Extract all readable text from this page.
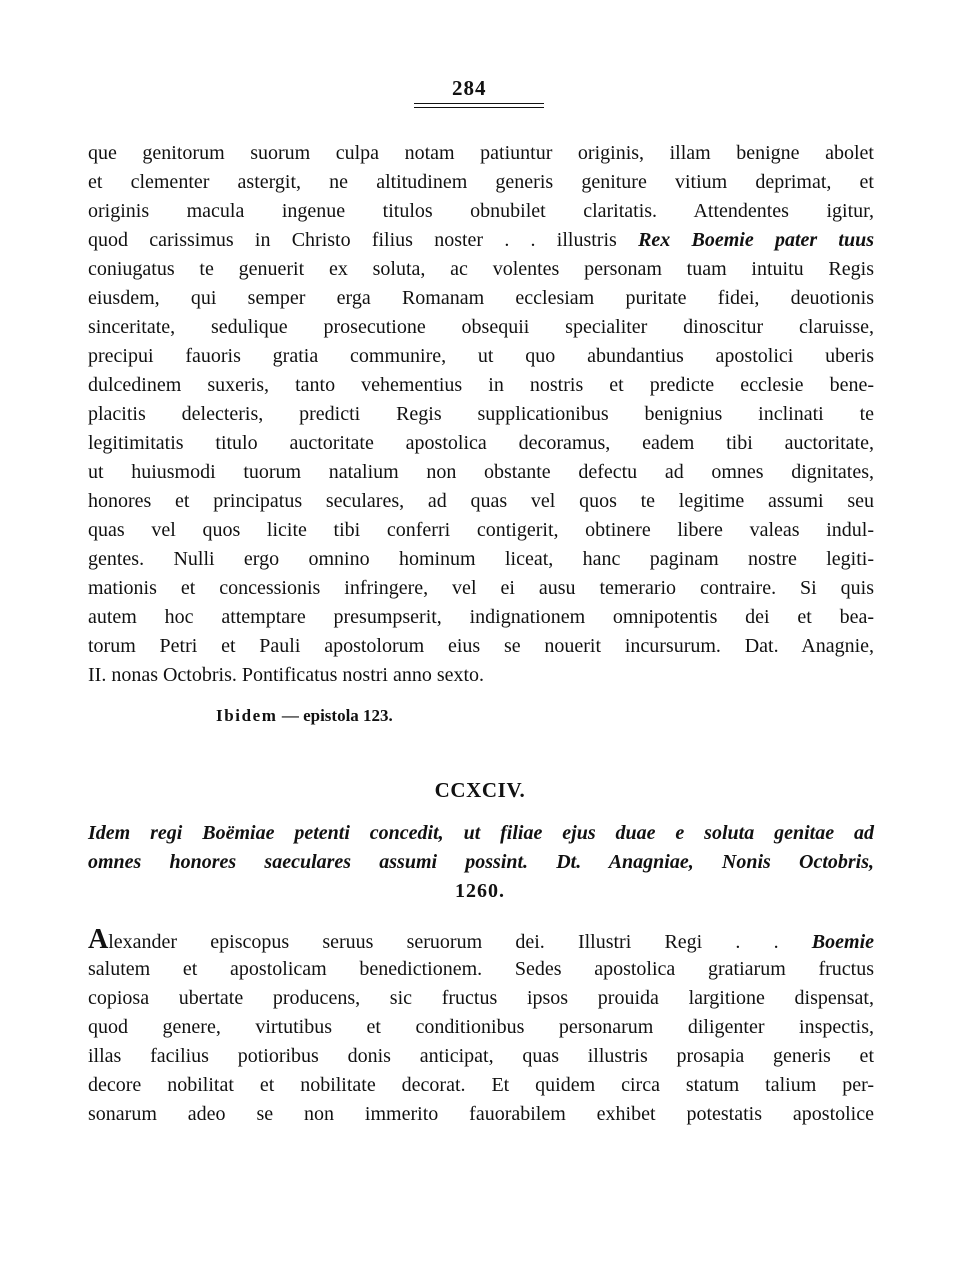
284
que genitorum suorum culpa notam patiuntur originis, illam benigne abolet
et clementer astergit, ne altitudinem generis geniture vitium deprimat, et
originis macula ingenue titulos obnubilet claritatis. Attendentes igitur,
quod carissimus in Christo filius noster . . illustris Rex Boemie pater tuus
coniugatus te genuerit ex soluta, ac volentes personam tuam intuitu Regis
eiusdem, qui semper erga Romanam ecclesiam puritate fidei, deuotionis
sinceritate, sedulique prosecutione obsequii specialiter dinoscitur claruisse,
precipui fauoris gratia communire, ut quo abundantius apostolici uberis
dulcedinem suxeris, tanto vehementius in nostris et predicte ecclesie bene-
placitis delecteris, predicti Regis supplicationibus benignius inclinati te
legitimitatis titulo auctoritate apostolica decoramus, eadem tibi auctoritate,
ut huiusmodi tuorum natalium non obstante defectu ad omnes dignitates,
honores et principatus seculares, ad quas vel quos te legitime assumi seu
quas vel quos licite tibi conferri contigerit, obtinere libere valeas indul-
gentes. Nulli ergo omnino hominum liceat, hanc paginam nostre legiti-
mationis et concessionis infringere, vel ei ausu temerario contraire. Si quis
autem hoc attemptare presumpserit, indignationem omnipotentis dei et bea-
torum Petri et Pauli apostolorum eius se nouerit incursurum. Dat. Anagnie,
II. nonas Octobris. Pontificatus nostri anno sexto.
Ibidem — epistola 123.
CCXCIV.
Idem regi Boëmiae petenti concedit, ut filiae ejus duae e soluta genitae ad
omnes honores saeculares assumi possint. Dt. Anagniae, Nonis Octobris,
1260.
Alexander episcopus seruus seruorum dei. Illustri Regi . . Boemie
salutem et apostolicam benedictionem. Sedes apostolica gratiarum fructus
copiosa ubertate producens, sic fructus ipsos prouida largitione dispensat,
quod genere, virtutibus et conditionibus personarum diligenter inspectis,
illas facilius potioribus donis anticipat, quas illustris prosapia generis et
decore nobilitat et nobilitate decorat. Et quidem circa statum talium per-
sonarum adeo se non immerito fauorabilem exhibet potestatis apostolice
